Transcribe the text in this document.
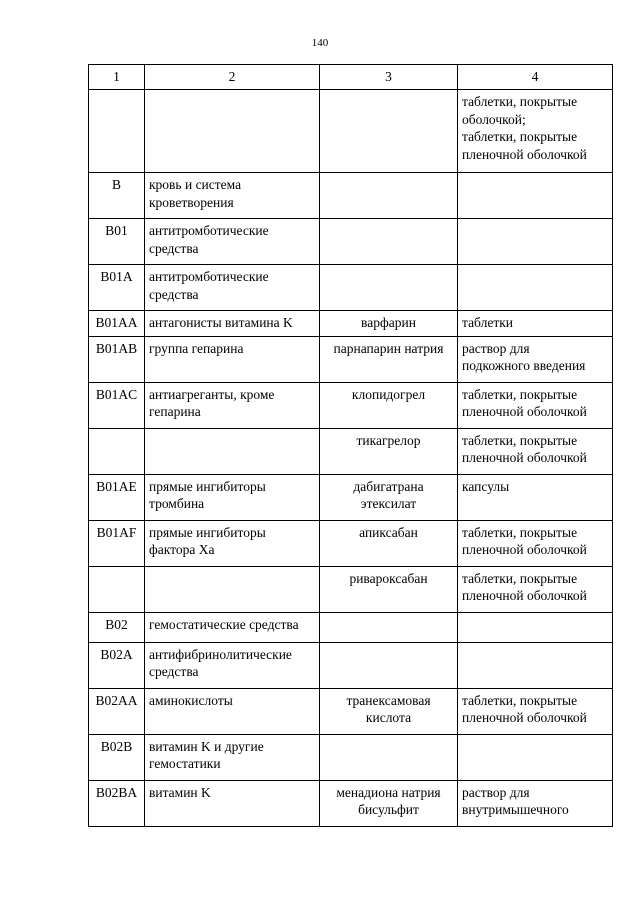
140
1	2	3	4

			таблетки, покрытые
оболочкой;
таблетки, покрытые
пленочной оболочкой

B	кровь и система
кроветворения		

B01	антитромботические
средства		

B01A	антитромботические
средства		

B01AA	антагонисты витамина K	варфарин	таблетки

B01AB	группа гепарина	парнапарин натрия	раствор для
подкожного введения

B01AC	антиагреганты, кроме
гепарина	клопидогрел	таблетки, покрытые
пленочной оболочкой

		тикагрелор	таблетки, покрытые
пленочной оболочкой

B01AE	прямые ингибиторы
тромбина	дабигатрана
этексилат	капсулы

B01AF	прямые ингибиторы
фактора Xa	апиксабан	таблетки, покрытые
пленочной оболочкой

		ривароксабан	таблетки, покрытые
пленочной оболочкой

B02	гемостатические средства		

B02A	антифибринолитические
средства		

B02AA	аминокислоты	транексамовая
кислота	таблетки, покрытые
пленочной оболочкой

B02B	витамин K и другие
гемостатики		

B02BA	витамин K	менадиона натрия
бисульфит	раствор для
внутримышечного
